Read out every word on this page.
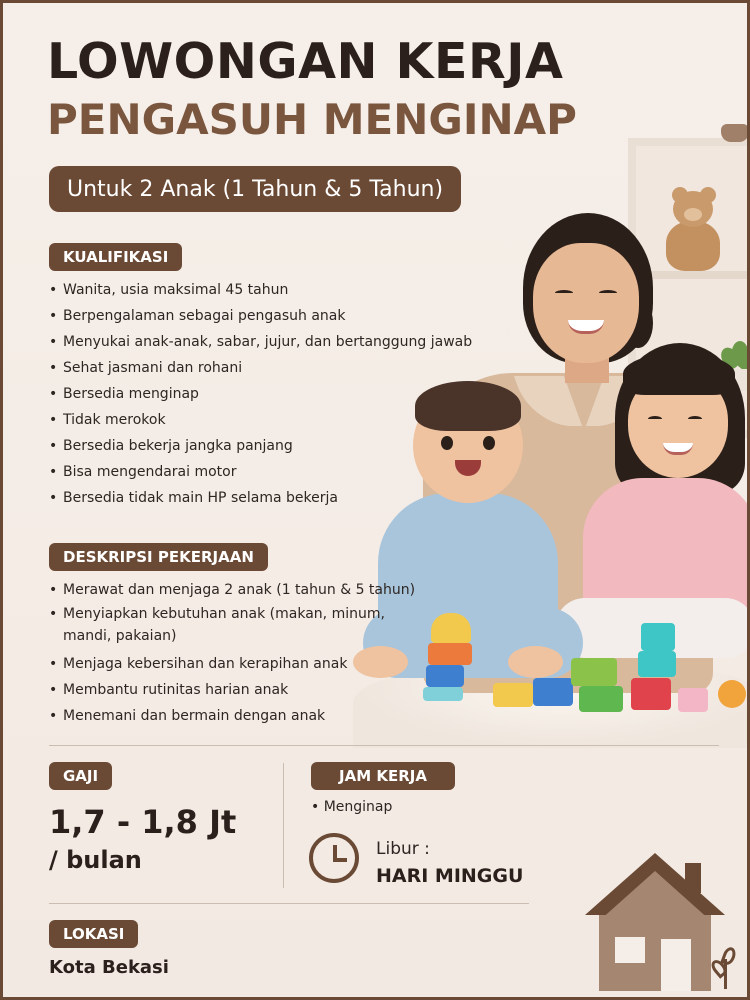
LOWONGAN KERJA
PENGASUH MENGINAP
Untuk 2 Anak (1 Tahun & 5 Tahun)
KUALIFIKASI
• Wanita, usia maksimal 45 tahun
• Berpengalaman sebagai pengasuh anak
• Menyukai anak-anak, sabar, jujur, dan bertanggung jawab
• Sehat jasmani dan rohani
• Bersedia menginap
• Tidak merokok
• Bersedia bekerja jangka panjang
• Bisa mengendarai motor
• Bersedia tidak main HP selama bekerja
DESKRIPSI PEKERJAAN
• Merawat dan menjaga 2 anak (1 tahun & 5 tahun)
• Menyiapkan kebutuhan anak (makan, minum, mandi, pakaian)
• Menjaga kebersihan dan kerapihan anak
• Membantu rutinitas harian anak
• Menemani dan bermain dengan anak
GAJI
1,7 - 1,8 Jt
/ bulan
JAM KERJA
• Menginap
Libur :
HARI MINGGU
LOKASI
Kota Bekasi
